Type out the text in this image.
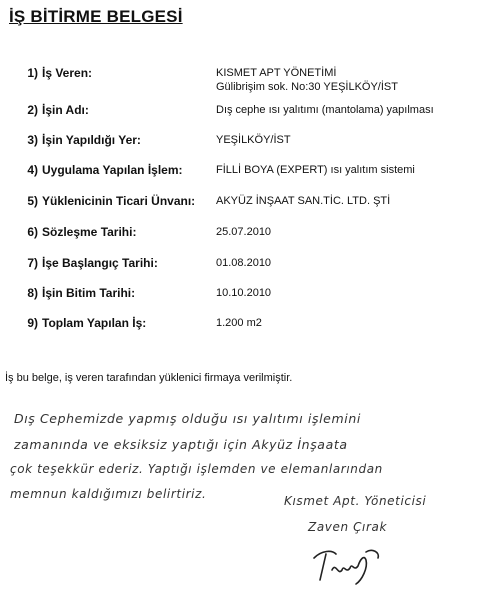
İŞ BİTİRME BELGESİ
1) İş Veren:	KISMET APT YÖNETİMİ
Gülibrişim sok. No:30 YEŞİLKÖY/İST
2) İşin Adı:	Dış cephe ısı yalıtımı (mantolama) yapılması
3) İşin Yapıldığı Yer:	YEŞİLKÖY/İST
4) Uygulama Yapılan İşlem:	FİLLİ BOYA (EXPERT) ısı yalıtım sistemi
5) Yüklenicinin Ticari Ünvanı: AKYÜZ İNŞAAT SAN.TİC. LTD. ŞTİ
6) Sözleşme Tarihi:	25.07.2010
7) İşe Başlangıç Tarihi:	01.08.2010
8) İşin Bitim Tarihi:	10.10.2010
9) Toplam Yapılan İş:	1.200 m2
İş bu belge, iş veren tarafından yüklenici firmaya verilmiştir.
Dış Cephemizde yapmış olduğu ısı yalıtımı işlemini
zamanında ve eksiksiz yaptığı için Akyüz İnşaata
çok teşekkür ederiz. Yaptığı işlemden ve elemanlarından
memnun kaldığımızı belirtiriz.	Kısmet Apt. Yöneticisi
Zaven Çırak
